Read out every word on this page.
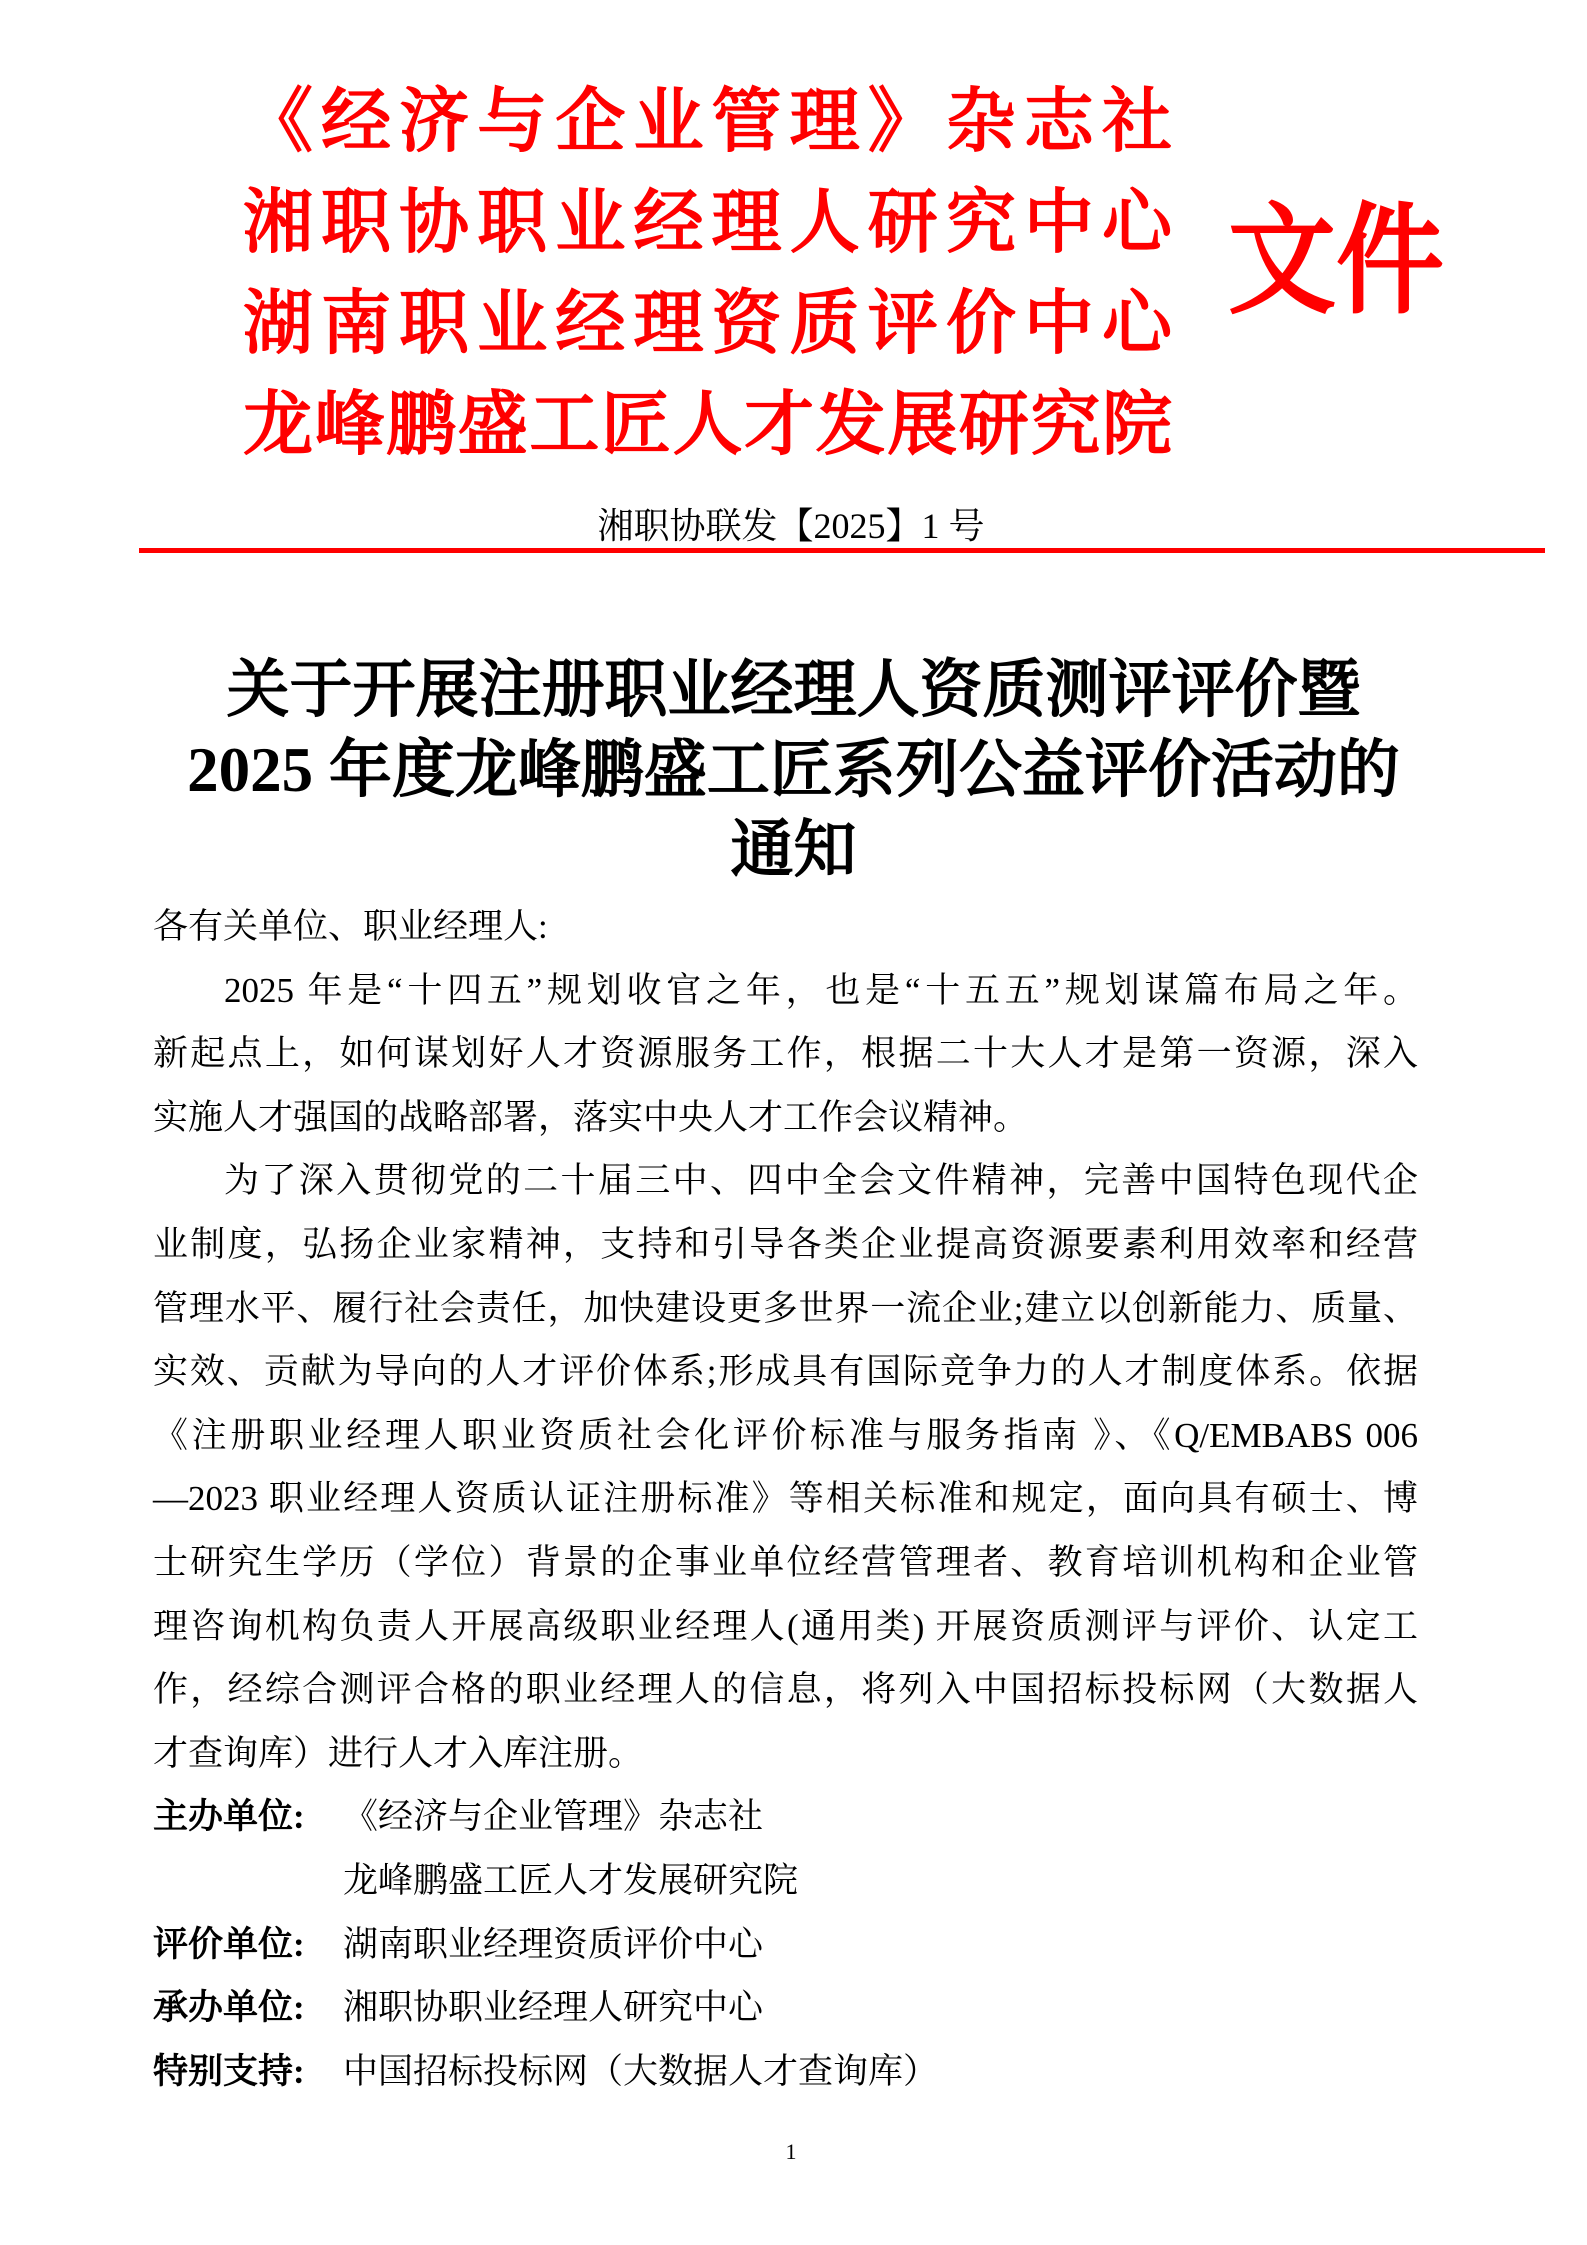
《经济与企业管理》杂志社
湘职协职业经理人研究中心
湖南职业经理资质评价中心
龙峰鹏盛工匠人才发展研究院
文件
湘职协联发【2025】1 号
关于开展注册职业经理人资质测评评价暨
2025 年度龙峰鹏盛工匠系列公益评价活动的
通知
各有关单位、职业经理人:
2025 年是“十四五”规划收官之年，也是“十五五”规划谋篇布局之年。
新起点上，如何谋划好人才资源服务工作，根据二十大人才是第一资源，深入
实施人才强国的战略部署，落实中央人才工作会议精神。
为了深入贯彻党的二十届三中、四中全会文件精神，完善中国特色现代企
业制度，弘扬企业家精神，支持和引导各类企业提高资源要素利用效率和经营
管理水平、履行社会责任，加快建设更多世界一流企业;建立以创新能力、质量、
实效、贡献为导向的人才评价体系;形成具有国际竞争力的人才制度体系。依据
《注册职业经理人职业资质社会化评价标准与服务指南 》、《Q/EMBABS 006
—2023 职业经理人资质认证注册标准》等相关标准和规定，面向具有硕士、博
士研究生学历（学位）背景的企事业单位经营管理者、教育培训机构和企业管
理咨询机构负责人开展高级职业经理人(通用类) 开展资质测评与评价、认定工
作，经综合测评合格的职业经理人的信息，将列入中国招标投标网（大数据人
才查询库）进行人才入库注册。
主办单位:	《经济与企业管理》杂志社
龙峰鹏盛工匠人才发展研究院
评价单位:	湖南职业经理资质评价中心
承办单位:	湘职协职业经理人研究中心
特别支持:	中国招标投标网（大数据人才查询库）
1
